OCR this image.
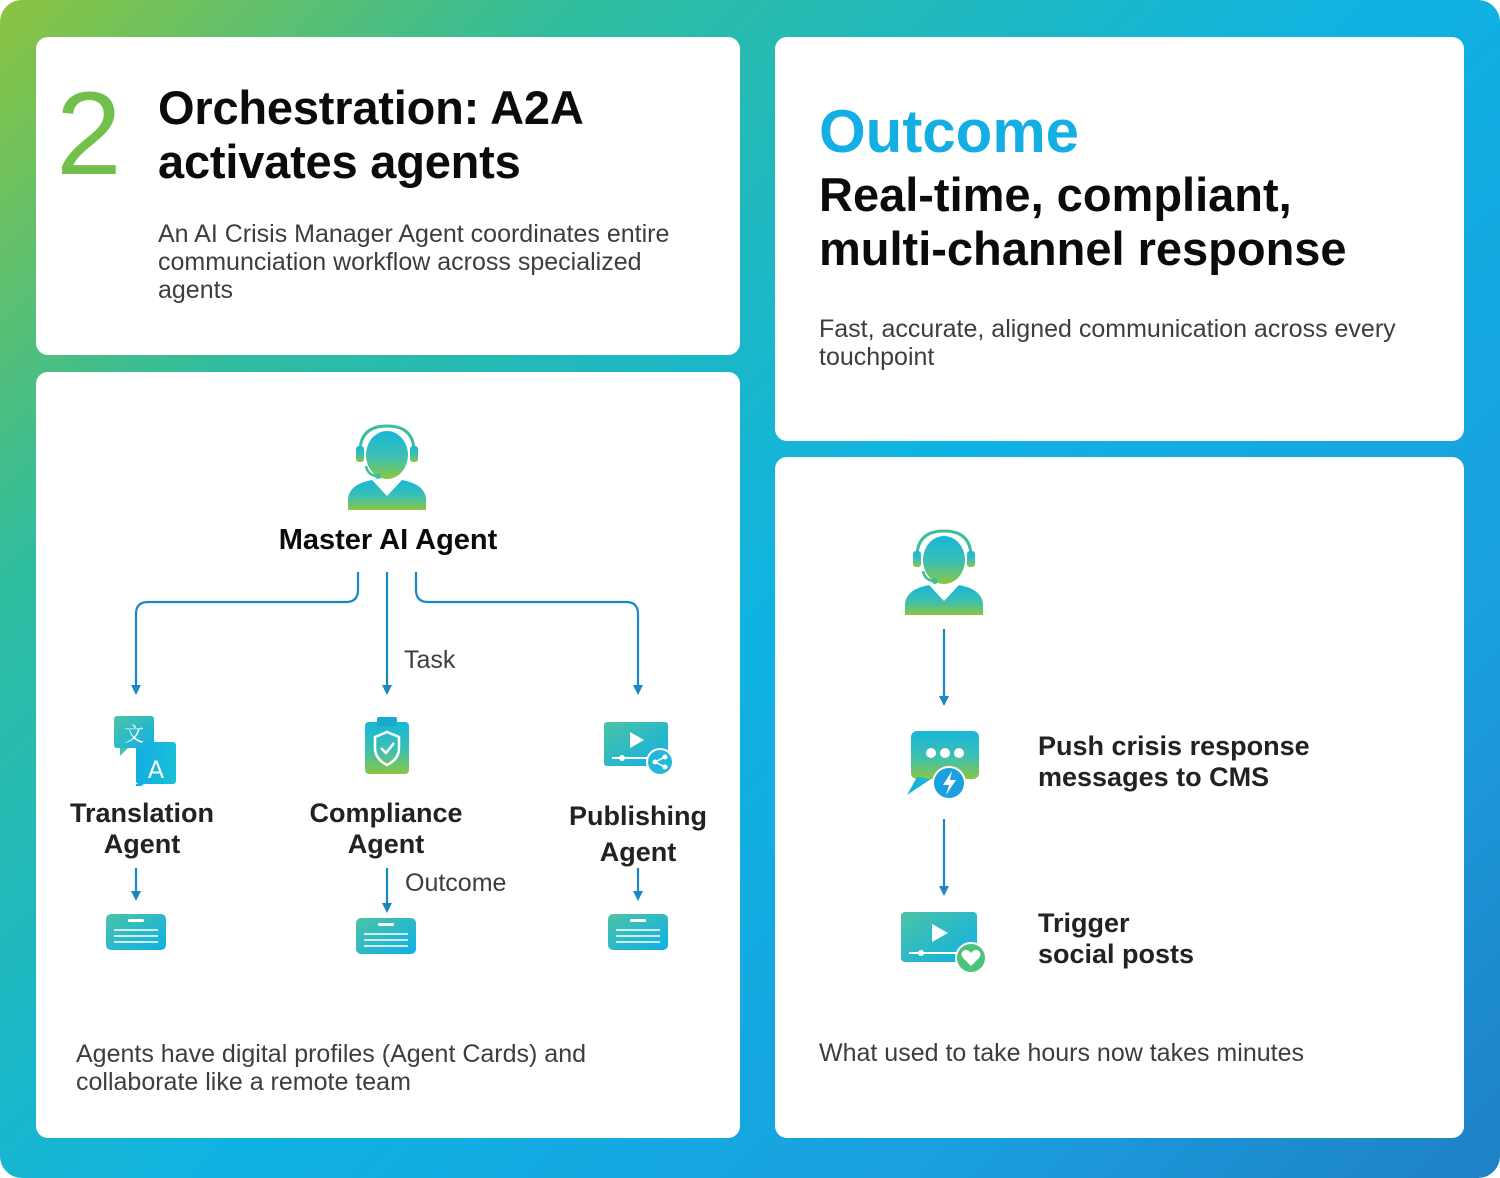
2 Orchestration: A2A
activates agents

An AI Crisis Manager Agent coordinates entire communciation workflow across specialized agents

Master AI Agent

Task

Outcome

A
文

Translation
Agent

Compliance
Agent

Publishing
Agent

Agents have digital profiles (Agent Cards) and collaborate like a remote team

Outcome
Real-time, compliant,
multi-channel response

Fast, accurate, aligned communication across every touchpoint

Push crisis response
messages to CMS

Trigger
social posts

What used to take hours now takes minutes
